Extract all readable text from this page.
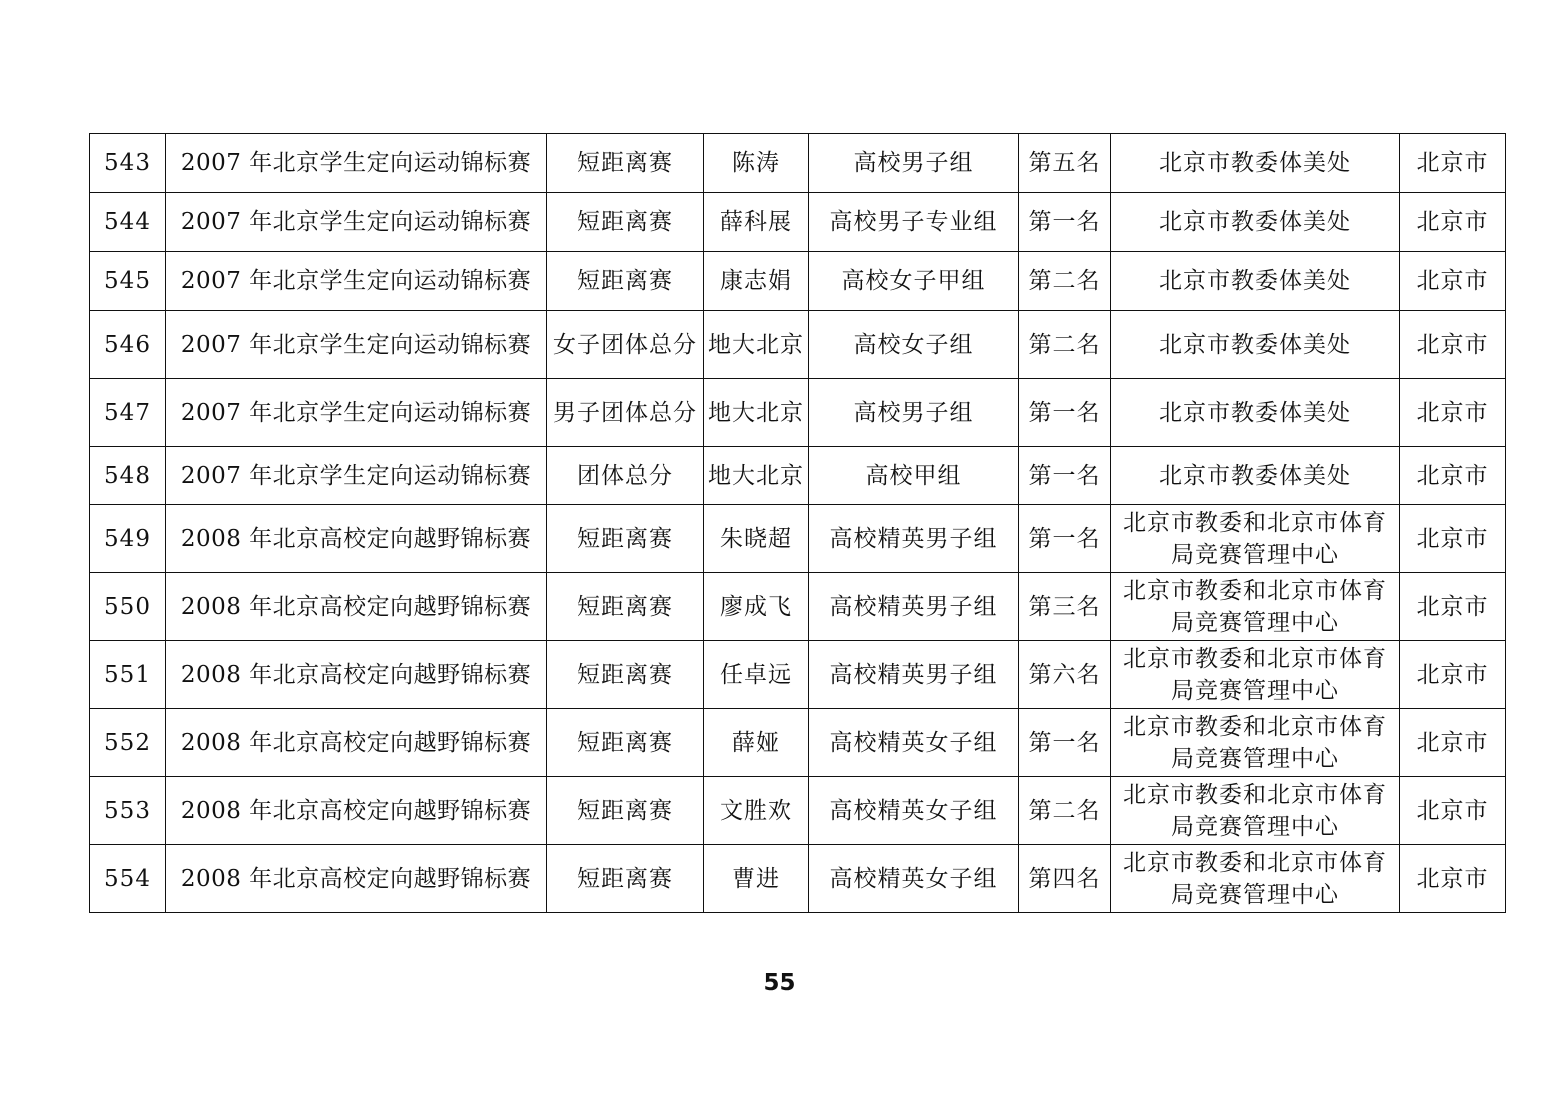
543	2007 年北京学生定向运动锦标赛	短距离赛	陈涛	高校男子组	第五名	北京市教委体美处	北京市
544	2007 年北京学生定向运动锦标赛	短距离赛	薛科展	高校男子专业组	第一名	北京市教委体美处	北京市
545	2007 年北京学生定向运动锦标赛	短距离赛	康志娟	高校女子甲组	第二名	北京市教委体美处	北京市
546	2007 年北京学生定向运动锦标赛	女子团体总分	地大北京	高校女子组	第二名	北京市教委体美处	北京市
547	2007 年北京学生定向运动锦标赛	男子团体总分	地大北京	高校男子组	第一名	北京市教委体美处	北京市
548	2007 年北京学生定向运动锦标赛	团体总分	地大北京	高校甲组	第一名	北京市教委体美处	北京市
549	2008 年北京高校定向越野锦标赛	短距离赛	朱晓超	高校精英男子组	第一名	北京市教委和北京市体育局竞赛管理中心	北京市
550	2008 年北京高校定向越野锦标赛	短距离赛	廖成飞	高校精英男子组	第三名	北京市教委和北京市体育局竞赛管理中心	北京市
551	2008 年北京高校定向越野锦标赛	短距离赛	任卓远	高校精英男子组	第六名	北京市教委和北京市体育局竞赛管理中心	北京市
552	2008 年北京高校定向越野锦标赛	短距离赛	薛娅	高校精英女子组	第一名	北京市教委和北京市体育局竞赛管理中心	北京市
553	2008 年北京高校定向越野锦标赛	短距离赛	文胜欢	高校精英女子组	第二名	北京市教委和北京市体育局竞赛管理中心	北京市
554	2008 年北京高校定向越野锦标赛	短距离赛	曹进	高校精英女子组	第四名	北京市教委和北京市体育局竞赛管理中心	北京市
55
